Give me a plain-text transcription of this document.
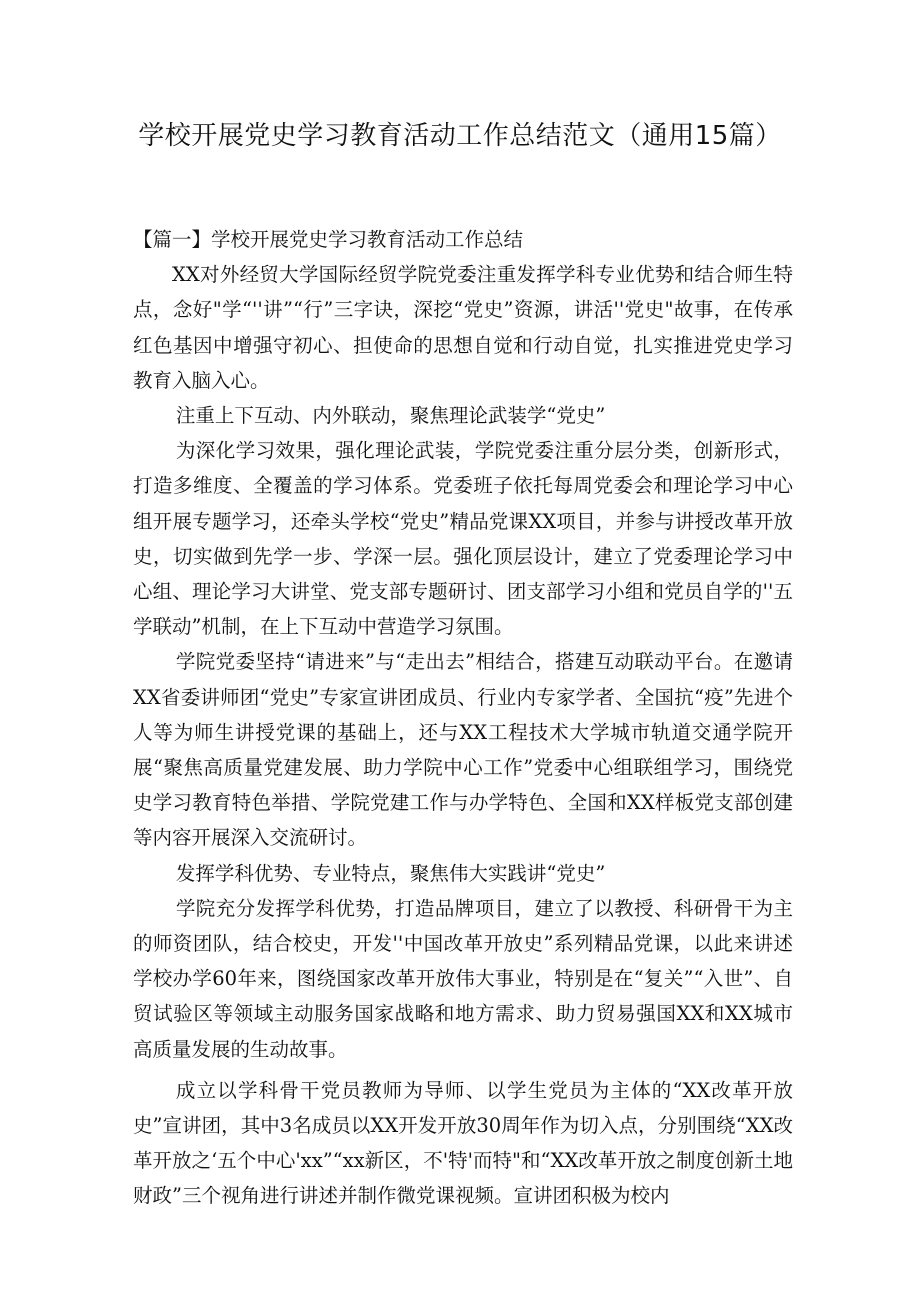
学校开展党史学习教育活动工作总结范文（通用15篇）

【篇一】学校开展党史学习教育活动工作总结

XX对外经贸大学国际经贸学院党委注重发挥学科专业优势和结合师生特点，念好"学“''讲”“行”三字诀，深挖“党史”资源，讲活''党史"故事，在传承红色基因中增强守初心、担使命的思想自觉和行动自觉，扎实推进党史学习教育入脑入心。

注重上下互动、内外联动，聚焦理论武装学“党史”

为深化学习效果，强化理论武装，学院党委注重分层分类，创新形式，打造多维度、全覆盖的学习体系。党委班子依托每周党委会和理论学习中心组开展专题学习，还牵头学校“党史”精品党课XX项目，并参与讲授改革开放史，切实做到先学一步、学深一层。强化顶层设计，建立了党委理论学习中心组、理论学习大讲堂、党支部专题研讨、团支部学习小组和党员自学的''五学联动”机制，在上下互动中营造学习氛围。

学院党委坚持“请进来”与“走出去”相结合，搭建互动联动平台。在邀请XX省委讲师团“党史”专家宣讲团成员、行业内专家学者、全国抗“疫”先进个人等为师生讲授党课的基础上，还与XX工程技术大学城市轨道交通学院开展“聚焦高质量党建发展、助力学院中心工作”党委中心组联组学习，围绕党史学习教育特色举措、学院党建工作与办学特色、全国和XX样板党支部创建等内容开展深入交流研讨。

发挥学科优势、专业特点，聚焦伟大实践讲“党史”

学院充分发挥学科优势，打造品牌项目，建立了以教授、科研骨干为主的师资团队，结合校史，开发''中国改革开放史”系列精品党课，以此来讲述学校办学60年来，图绕国家改革开放伟大事业，特别是在“复关”“入世”、自贸试验区等领域主动服务国家战略和地方需求、助力贸易强国XX和XX城市高质量发展的生动故事。

成立以学科骨干党员教师为导师、以学生党员为主体的“XX改革开放史”宣讲团，其中3名成员以XX开发开放30周年作为切入点，分别围绕“XX改革开放之‘五个中心'xx”“xx新区，不'特'而特"和“XX改革开放之制度创新土地财政”三个视角进行讲述并制作微党课视频。宣讲团积极为校内
